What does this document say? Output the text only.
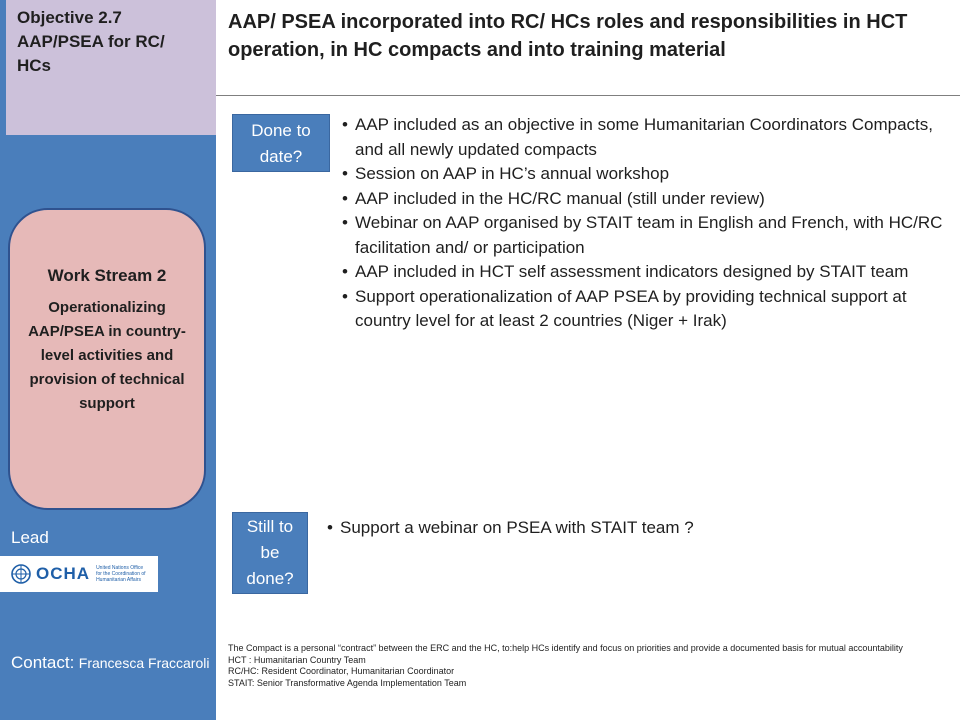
Objective 2.7
AAP/PSEA for RC/
HCs
Work Stream 2
Operationalizing AAP/PSEA in country-level activities and provision of technical support
Lead
OCHA United Nations Office for the Coordination of Humanitarian Affairs
Contact: Francesca Fraccaroli
AAP/ PSEA incorporated into RC/ HCs roles and responsibilities in HCT operation, in HC compacts and into training material
Done to
date?
• AAP included as an objective in some Humanitarian Coordinators Compacts, and all newly updated compacts
• Session on AAP in HC’s annual workshop
• AAP included in the HC/RC manual (still under review)
• Webinar on AAP organised by STAIT team in English and French, with HC/RC facilitation and/ or participation
• AAP included in HCT self assessment indicators designed by STAIT team
• Support operationalization of AAP PSEA by providing technical support at country level for at least 2 countries (Niger + Irak)
Still to
be
done?
• Support a webinar on PSEA with STAIT team ?
The Compact is a personal “contract” between the ERC and the HC, to:help HCs identify and focus on priorities and provide a documented basis for mutual accountability
HCT : Humanitarian Country Team
RC/HC: Resident Coordinator, Humanitarian Coordinator
STAIT: Senior Transformative Agenda Implementation Team
